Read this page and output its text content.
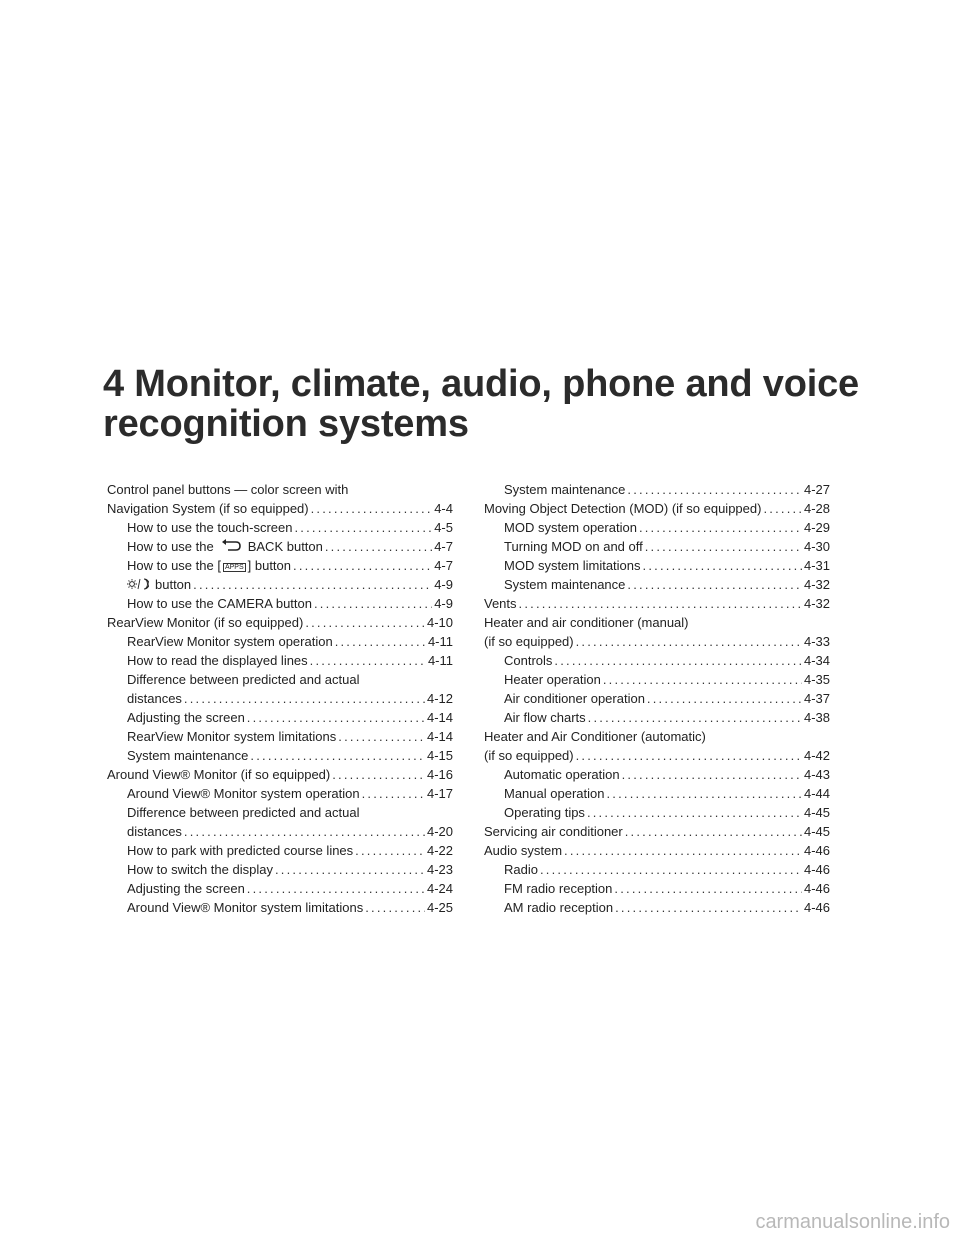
4 Monitor, climate, audio, phone and voice recognition systems
Control panel buttons — color screen with
Navigation System (if so equipped) .....	4-4
How to use the touch-screen .....	4-5
How to use the	BACK button .....	4-7
How to use the [ APPS ] button .....	4-7
button .....	4-9
How to use the CAMERA button .....	4-9
RearView Monitor (if so equipped) .....	4-10
RearView Monitor system operation .....	4-11
How to read the displayed lines .....	4-11
Difference between predicted and actual
distances .....	4-12
Adjusting the screen .....	4-14
RearView Monitor system limitations .....	4-14
System maintenance .....	4-15
Around View® Monitor (if so equipped) .....	4-16
Around View® Monitor system operation .....	4-17
Difference between predicted and actual
distances .....	4-20
How to park with predicted course lines .....	4-22
How to switch the display .....	4-23
Adjusting the screen .....	4-24
Around View® Monitor system limitations .....	4-25
System maintenance .....	4-27
Moving Object Detection (MOD) (if so equipped) .....	4-28
MOD system operation .....	4-29
Turning MOD on and off .....	4-30
MOD system limitations .....	4-31
System maintenance .....	4-32
Vents .....	4-32
Heater and air conditioner (manual)
(if so equipped) .....	4-33
Controls .....	4-34
Heater operation .....	4-35
Air conditioner operation .....	4-37
Air flow charts .....	4-38
Heater and Air Conditioner (automatic)
(if so equipped) .....	4-42
Automatic operation .....	4-43
Manual operation .....	4-44
Operating tips .....	4-45
Servicing air conditioner .....	4-45
Audio system .....	4-46
Radio .....	4-46
FM radio reception .....	4-46
AM radio reception .....	4-46
carmanualsonline.info
